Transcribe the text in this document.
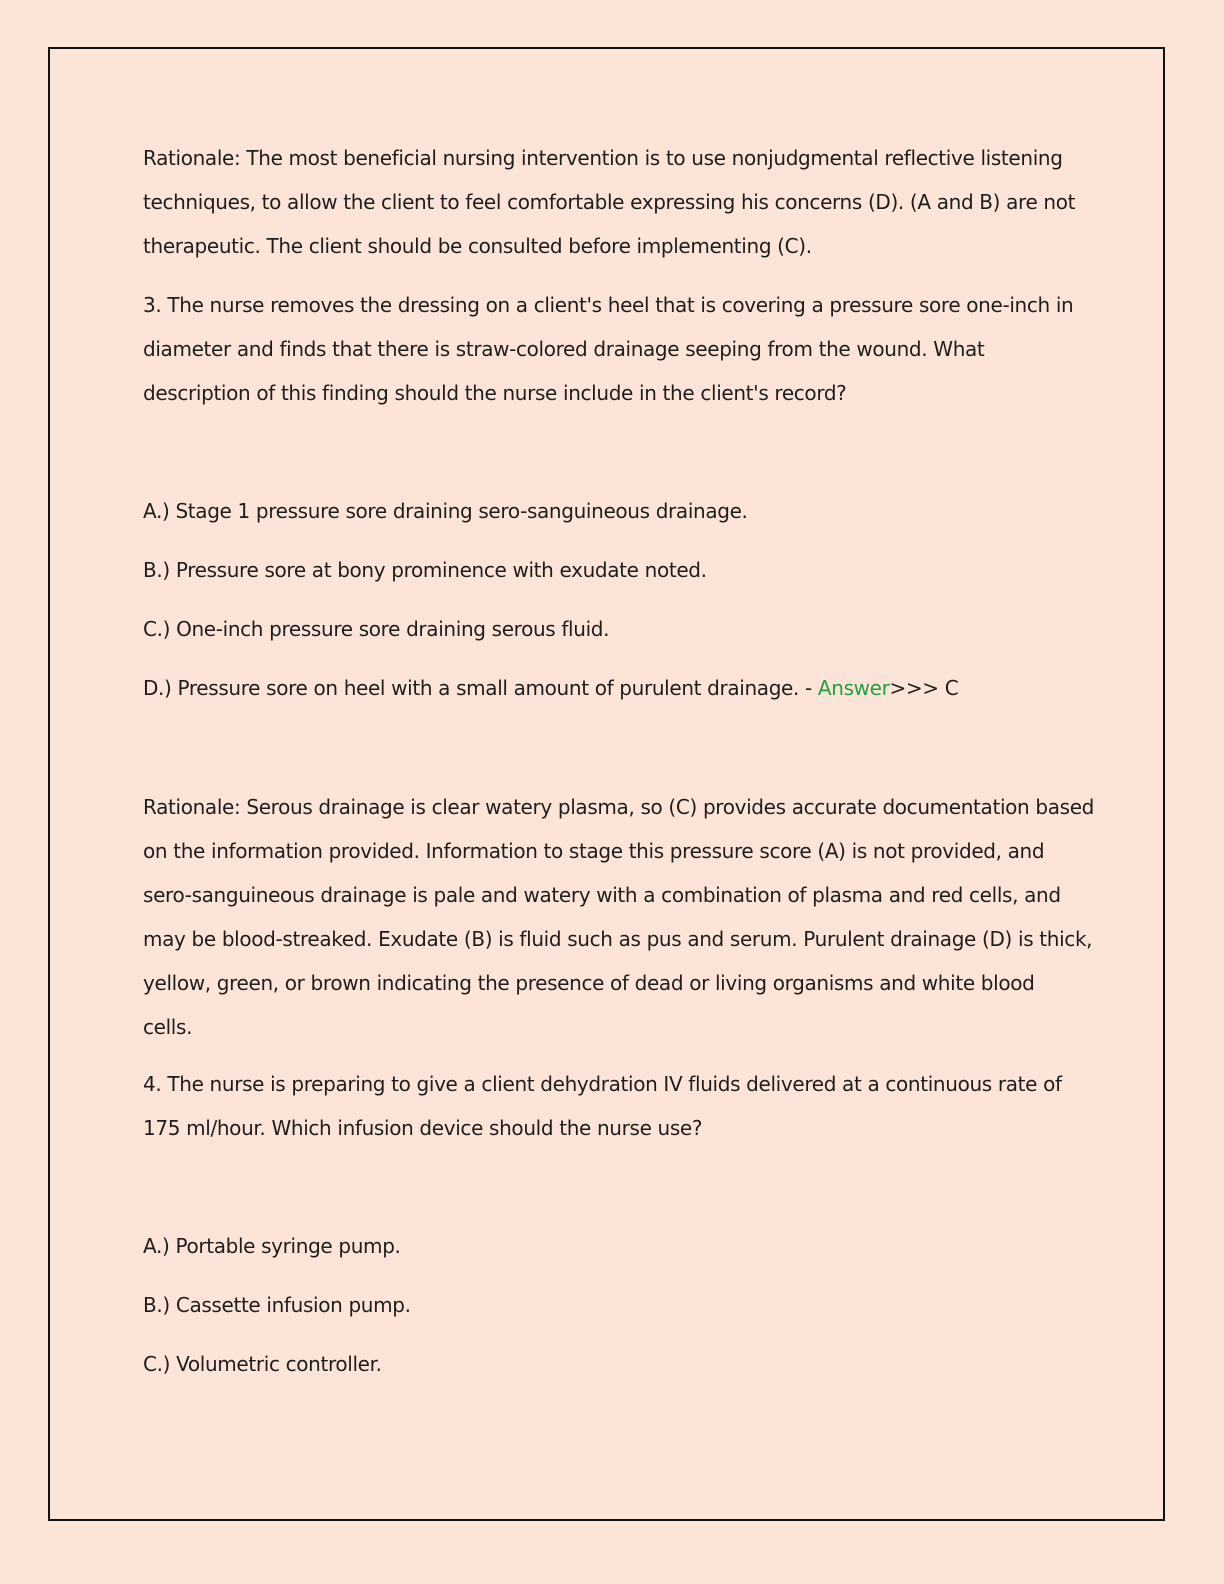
Rationale: The most beneficial nursing intervention is to use nonjudgmental reflective listening
techniques, to allow the client to feel comfortable expressing his concerns (D). (A and B) are not
therapeutic. The client should be consulted before implementing (C).

3. The nurse removes the dressing on a client's heel that is covering a pressure sore one-inch in
diameter and finds that there is straw-colored drainage seeping from the wound. What
description of this finding should the nurse include in the client's record?

A.) Stage 1 pressure sore draining sero-sanguineous drainage.

B.) Pressure sore at bony prominence with exudate noted.

C.) One-inch pressure sore draining serous fluid.

D.) Pressure sore on heel with a small amount of purulent drainage. - Answer>>> C

Rationale: Serous drainage is clear watery plasma, so (C) provides accurate documentation based
on the information provided. Information to stage this pressure score (A) is not provided, and
sero-sanguineous drainage is pale and watery with a combination of plasma and red cells, and
may be blood-streaked. Exudate (B) is fluid such as pus and serum. Purulent drainage (D) is thick,
yellow, green, or brown indicating the presence of dead or living organisms and white blood
cells.

4. The nurse is preparing to give a client dehydration IV fluids delivered at a continuous rate of
175 ml/hour. Which infusion device should the nurse use?

A.) Portable syringe pump.

B.) Cassette infusion pump.

C.) Volumetric controller.
